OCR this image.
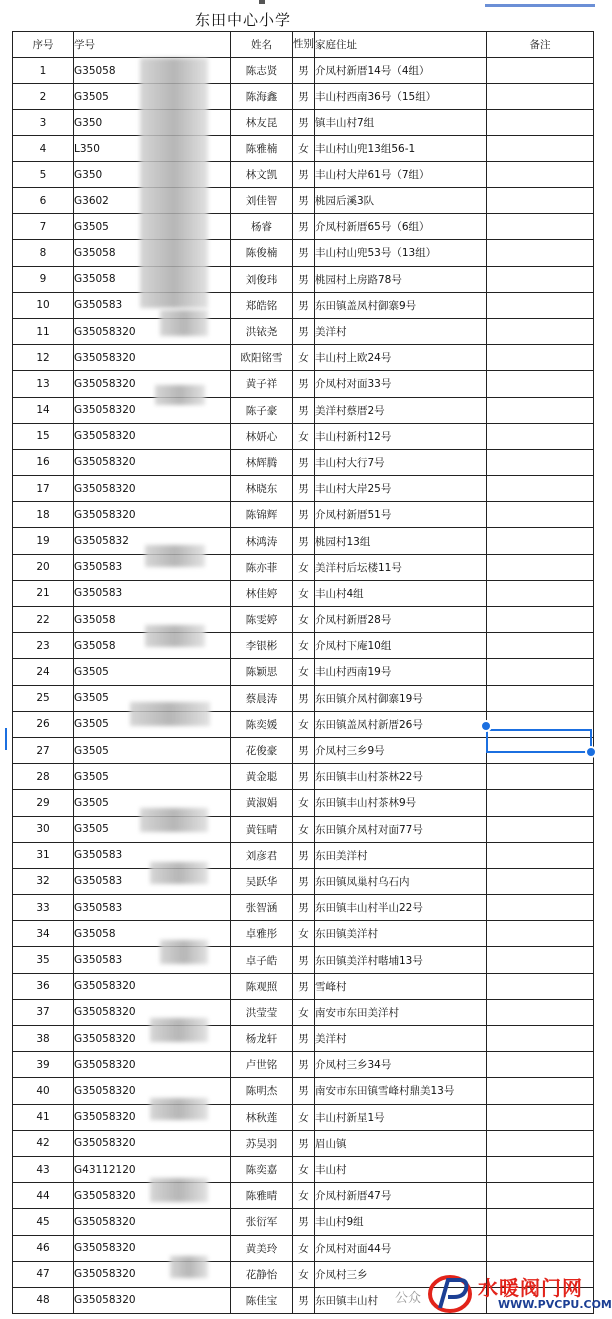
东田中心小学
序号	学号	姓名	性别	家庭住址	备注
1	G35058	陈志贤	男	介凤村新厝14号（4组）	
2	G3505	陈海鑫	男	丰山村西南36号（15组）	
3	G350	林友昆	男	镇丰山村7组	
4	L350	陈雅楠	女	丰山村山兜13组56-1	
5	G350	林文凯	男	丰山村大岸61号（7组）	
6	G3602	刘佳智	男	桃园后溪3队	
7	G3505	杨睿	男	介凤村新厝65号（6组）	
8	G35058	陈俊楠	男	丰山村山兜53号（13组）	
9	G35058	刘俊玮	男	桃园村上房路78号	
10	G350583	郑皓铭	男	东田镇盖凤村御寨9号	
11	G35058320	洪铱尧	男	美洋村	
12	G35058320	欧阳铭雪	女	丰山村上欧24号	
13	G35058320	黄子祥	男	介凤村对面33号	
14	G35058320	陈子豪	男	美洋村蔡厝2号	
15	G35058320	林妍心	女	丰山村新村12号	
16	G35058320	林辉腾	男	丰山村大行7号	
17	G35058320	林晓东	男	丰山村大岸25号	
18	G35058320	陈锦辉	男	介凤村新厝51号	
19	G3505832	林鸿涛	男	桃园村13组	
20	G350583	陈亦菲	女	美洋村后坛楼11号	
21	G350583	林佳婷	女	丰山村4组	
22	G35058	陈雯婷	女	介凤村新厝28号	
23	G35058	李银彬	女	介凤村下庵10组	
24	G3505	陈颖思	女	丰山村西南19号	
25	G3505	蔡晨涛	男	东田镇介凤村御寨19号	
26	G3505	陈奕媛	女	东田镇盖凤村新厝26号	
27	G3505	花俊豪	男	介凤村三乡9号	
28	G3505	黄金聪	男	东田镇丰山村茶林22号	
29	G3505	黄淑娟	女	东田镇丰山村茶林9号	
30	G3505	黄钰晴	女	东田镇介凤村对面77号	
31	G350583	刘彦君	男	东田美洋村	
32	G350583	吴跃华	男	东田镇凤巢村乌石内	
33	G350583	张智涵	男	东田镇丰山村半山22号	
34	G35058	卓雅彤	女	东田镇美洋村	
35	G350583	卓子皓	男	东田镇美洋村喈埔13号	
36	G35058320	陈观照	男	雪峰村	
37	G35058320	洪莹莹	女	南安市东田美洋村	
38	G35058320	杨龙轩	男	美洋村	
39	G35058320	卢世铭	男	介凤村三乡34号	
40	G35058320	陈明杰	男	南安市东田镇雪峰村鼎美13号	
41	G35058320	林秋莲	女	丰山村新星1号	
42	G35058320	苏昊羽	男	眉山镇	
43	G43112120	陈奕嘉	女	丰山村	
44	G35058320	陈雅晴	女	介凤村新厝47号	
45	G35058320	张衍军	男	丰山村9组	
46	G35058320	黄美玲	女	介凤村对面44号	
47	G35058320	花静怡	女	介凤村三乡	
48	G35058320	陈佳宝	男	东田镇丰山村	公众	水暖阀门网
WWW.PVCPU.COM
